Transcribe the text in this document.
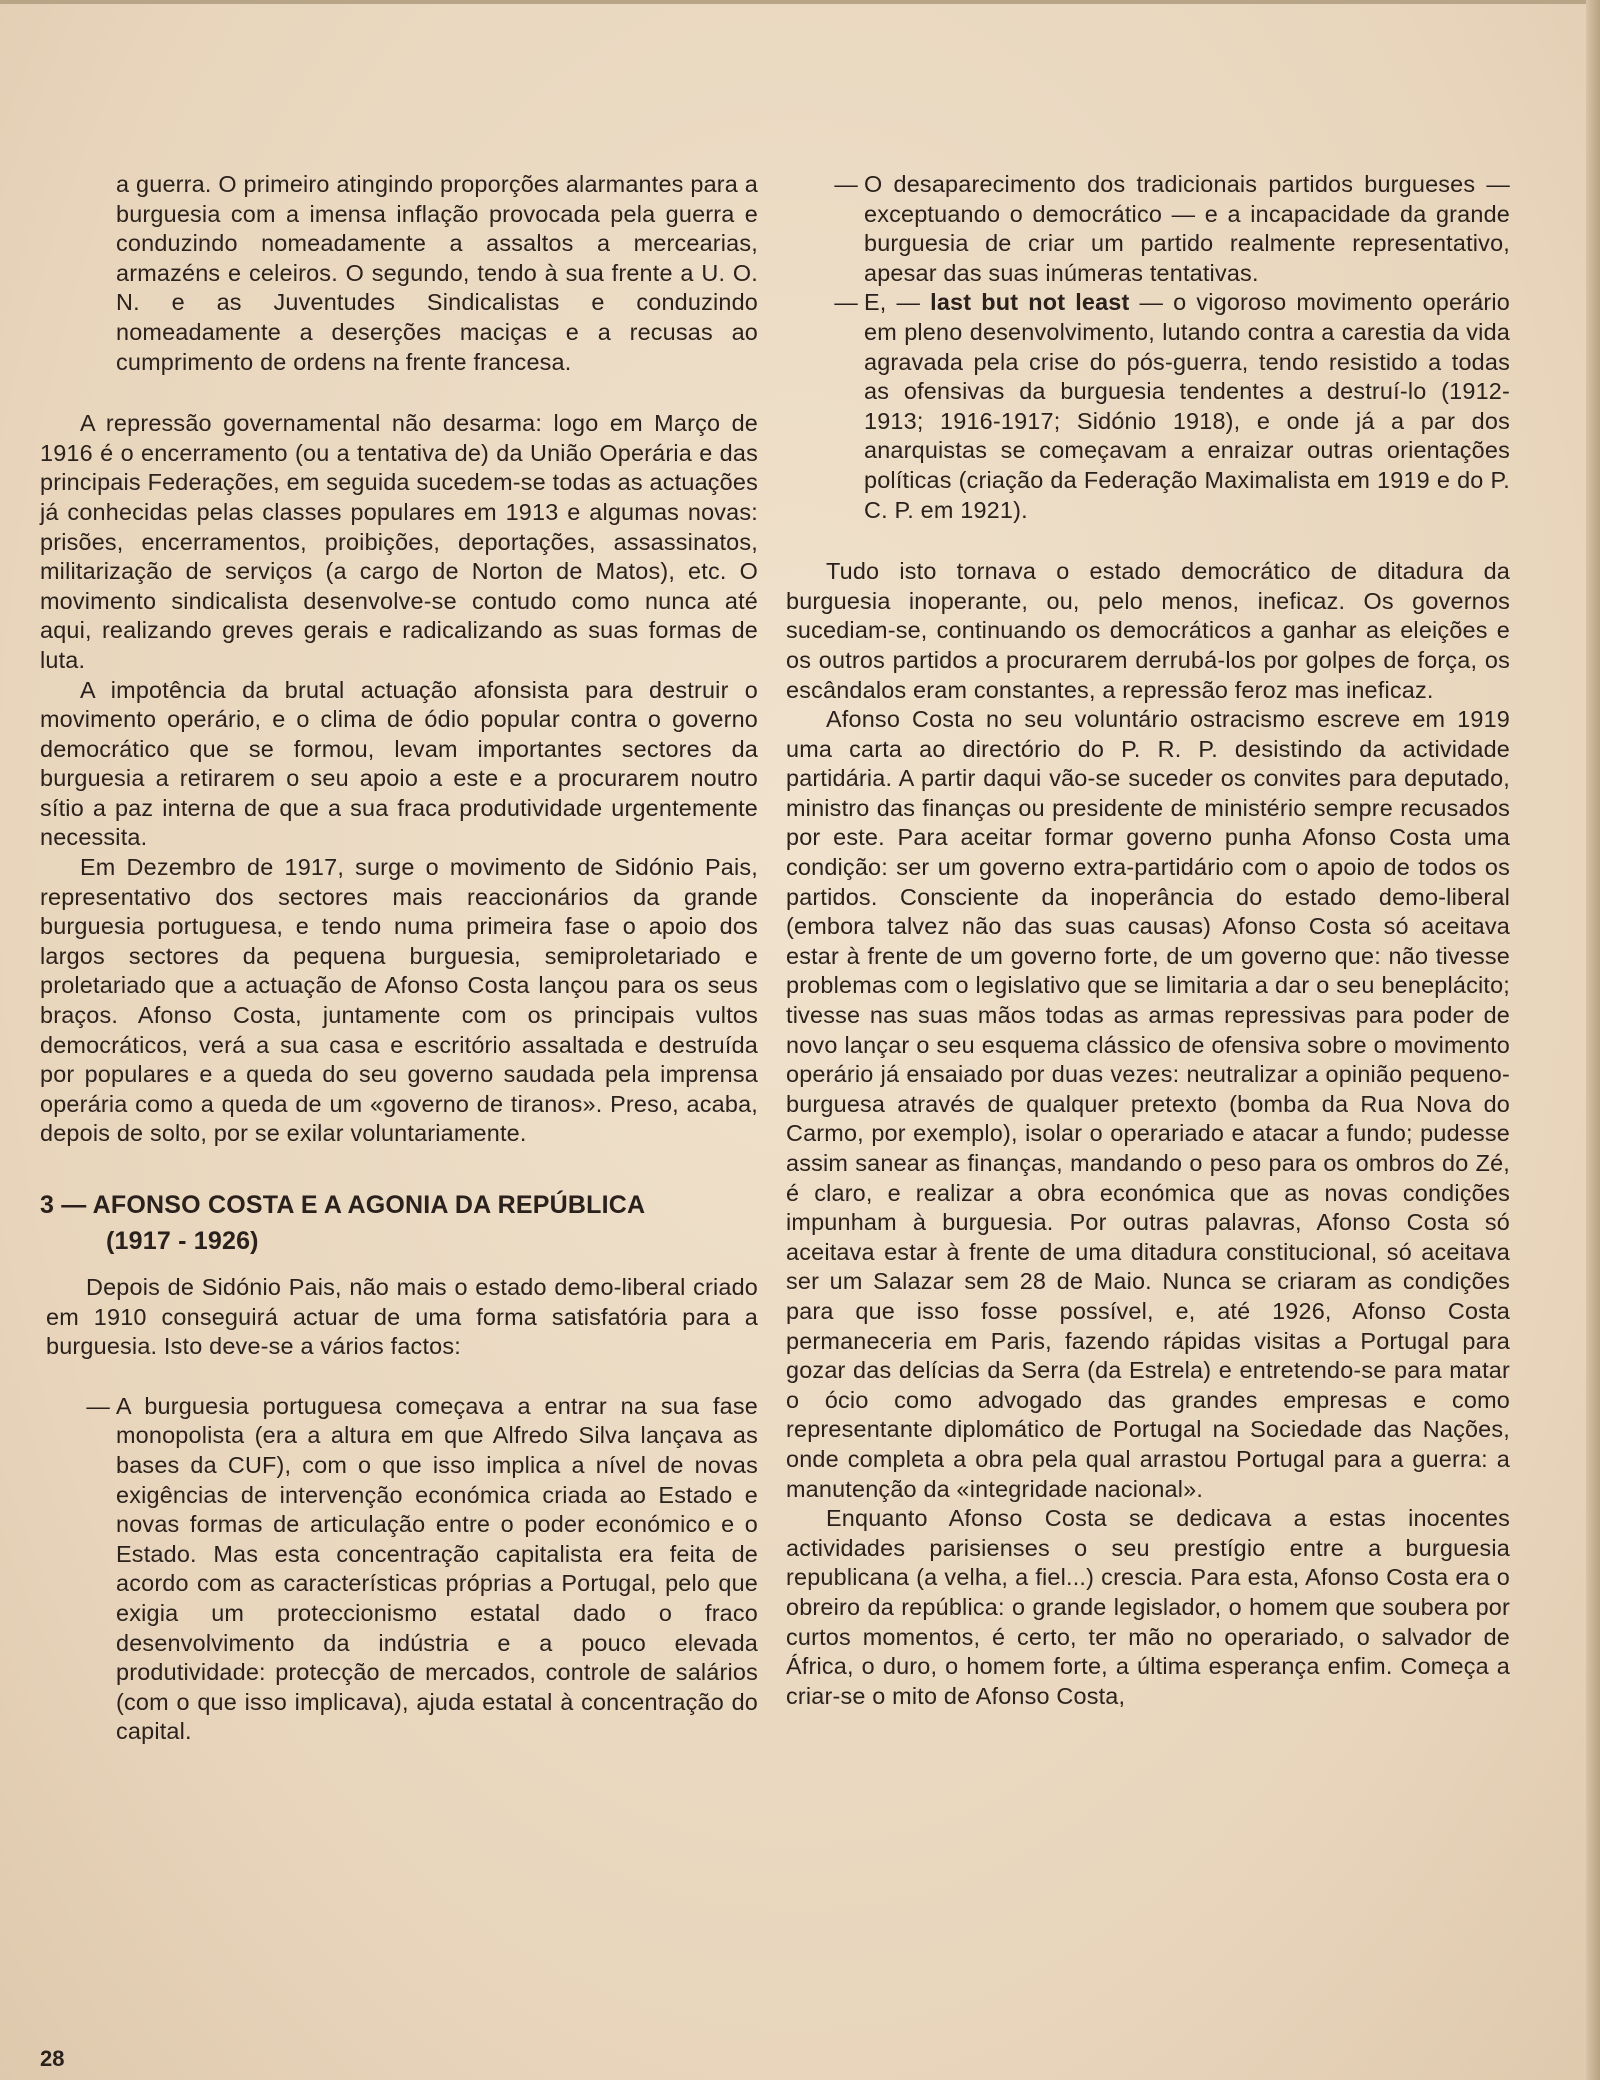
a guerra. O primeiro atingindo proporções alarmantes para a burguesia com a imensa inflação provocada pela guerra e conduzindo nomeadamente a assaltos a mercearias, armazéns e celeiros. O segundo, tendo à sua frente a U. O. N. e as Juventudes Sindicalistas e conduzindo nomeadamente a deserções maciças e a recusas ao cumprimento de ordens na frente francesa.

A repressão governamental não desarma: logo em Março de 1916 é o encerramento (ou a tentativa de) da União Operária e das principais Federações, em seguida sucedem-se todas as actuações já conhecidas pelas classes populares em 1913 e algumas novas: prisões, encerramentos, proibições, deportações, assassinatos, militarização de serviços (a cargo de Norton de Matos), etc. O movimento sindicalista desenvolve-se contudo como nunca até aqui, realizando greves gerais e radicalizando as suas formas de luta.

A impotência da brutal actuação afonsista para destruir o movimento operário, e o clima de ódio popular contra o governo democrático que se formou, levam importantes sectores da burguesia a retirarem o seu apoio a este e a procurarem noutro sítio a paz interna de que a sua fraca produtividade urgentemente necessita.

Em Dezembro de 1917, surge o movimento de Sidónio Pais, representativo dos sectores mais reaccionários da grande burguesia portuguesa, e tendo numa primeira fase o apoio dos largos sectores da pequena burguesia, semiproletariado e proletariado que a actuação de Afonso Costa lançou para os seus braços. Afonso Costa, juntamente com os principais vultos democráticos, verá a sua casa e escritório assaltada e destruída por populares e a queda do seu governo saudada pela imprensa operária como a queda de um «governo de tiranos». Preso, acaba, depois de solto, por se exilar voluntariamente.

3 — AFONSO COSTA E A AGONIA DA REPÚBLICA
(1917 - 1926)

Depois de Sidónio Pais, não mais o estado demo-liberal criado em 1910 conseguirá actuar de uma forma satisfatória para a burguesia. Isto deve-se a vários factos:

— A burguesia portuguesa começava a entrar na sua fase monopolista (era a altura em que Alfredo Silva lançava as bases da CUF), com o que isso implica a nível de novas exigências de intervenção económica criada ao Estado e novas formas de articulação entre o poder económico e o Estado. Mas esta concentração capitalista era feita de acordo com as características próprias a Portugal, pelo que exigia um proteccionismo estatal dado o fraco desenvolvimento da indústria e a pouco elevada produtividade: protecção de mercados, controle de salários (com o que isso implicava), ajuda estatal à concentração do capital.

— O desaparecimento dos tradicionais partidos burgueses — exceptuando o democrático — e a incapacidade da grande burguesia de criar um partido realmente representativo, apesar das suas inúmeras tentativas.

— E, — last but not least — o vigoroso movimento operário em pleno desenvolvimento, lutando contra a carestia da vida agravada pela crise do pós-guerra, tendo resistido a todas as ofensivas da burguesia tendentes a destruí-lo (1912-1913; 1916-1917; Sidónio 1918), e onde já a par dos anarquistas se começavam a enraizar outras orientações políticas (criação da Federação Maximalista em 1919 e do P. C. P. em 1921).

Tudo isto tornava o estado democrático de ditadura da burguesia inoperante, ou, pelo menos, ineficaz. Os governos sucediam-se, continuando os democráticos a ganhar as eleições e os outros partidos a procurarem derrubá-los por golpes de força, os escândalos eram constantes, a repressão feroz mas ineficaz.

Afonso Costa no seu voluntário ostracismo escreve em 1919 uma carta ao directório do P. R. P. desistindo da actividade partidária. A partir daqui vão-se suceder os convites para deputado, ministro das finanças ou presidente de ministério sempre recusados por este. Para aceitar formar governo punha Afonso Costa uma condição: ser um governo extra-partidário com o apoio de todos os partidos. Consciente da inoperância do estado demo-liberal (embora talvez não das suas causas) Afonso Costa só aceitava estar à frente de um governo forte, de um governo que: não tivesse problemas com o legislativo que se limitaria a dar o seu beneplácito; tivesse nas suas mãos todas as armas repressivas para poder de novo lançar o seu esquema clássico de ofensiva sobre o movimento operário já ensaiado por duas vezes: neutralizar a opinião pequeno-burguesa através de qualquer pretexto (bomba da Rua Nova do Carmo, por exemplo), isolar o operariado e atacar a fundo; pudesse assim sanear as finanças, mandando o peso para os ombros do Zé, é claro, e realizar a obra económica que as novas condições impunham à burguesia. Por outras palavras, Afonso Costa só aceitava estar à frente de uma ditadura constitucional, só aceitava ser um Salazar sem 28 de Maio. Nunca se criaram as condições para que isso fosse possível, e, até 1926, Afonso Costa permaneceria em Paris, fazendo rápidas visitas a Portugal para gozar das delícias da Serra (da Estrela) e entretendo-se para matar o ócio como advogado das grandes empresas e como representante diplomático de Portugal na Sociedade das Nações, onde completa a obra pela qual arrastou Portugal para a guerra: a manutenção da «integridade nacional».

Enquanto Afonso Costa se dedicava a estas inocentes actividades parisienses o seu prestígio entre a burguesia republicana (a velha, a fiel...) crescia. Para esta, Afonso Costa era o obreiro da república: o grande legislador, o homem que soubera por curtos momentos, é certo, ter mão no operariado, o salvador de África, o duro, o homem forte, a última esperança enfim. Começa a criar-se o mito de Afonso Costa,

28
